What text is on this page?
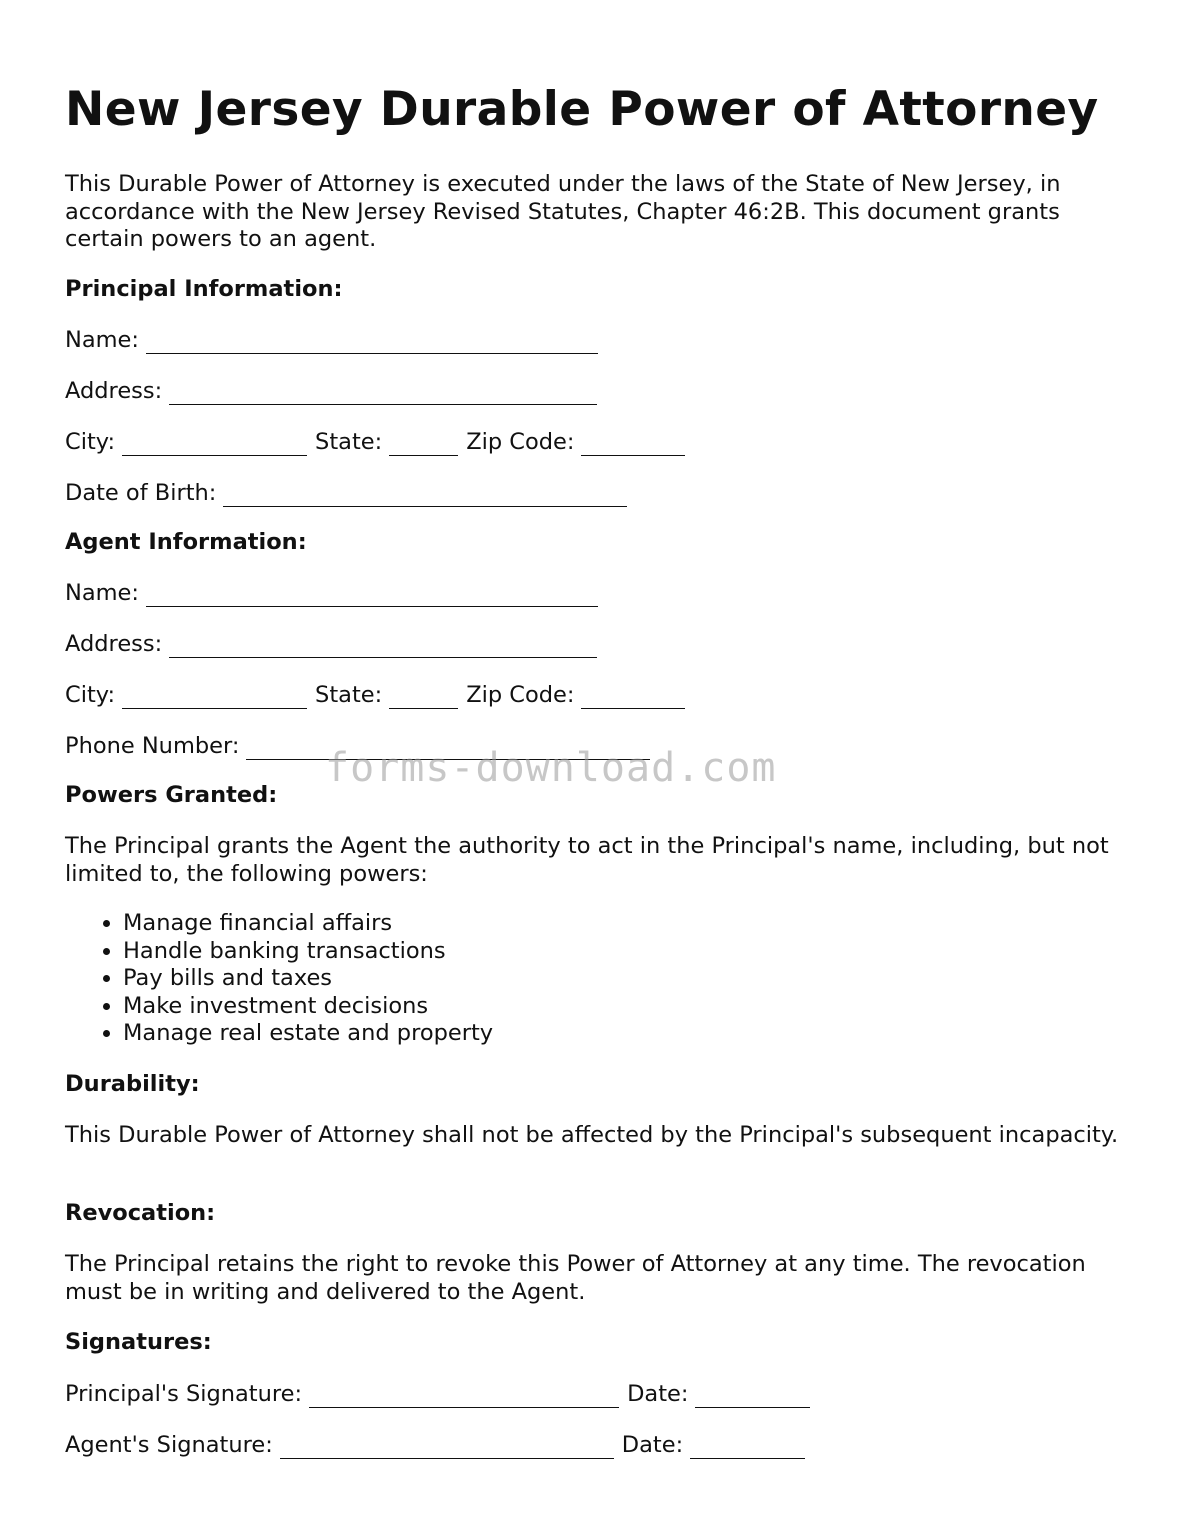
New Jersey Durable Power of Attorney

This Durable Power of Attorney is executed under the laws of the State of New Jersey, in accordance with the New Jersey Revised Statutes, Chapter 46:2B. This document grants certain powers to an agent.

Principal Information:

Name:
Address:
City:	State:	Zip Code:
Date of Birth:

Agent Information:

Name:
Address:
City:	State:	Zip Code:
Phone Number:

Powers Granted:

The Principal grants the Agent the authority to act in the Principal's name, including, but not limited to, the following powers:

• Manage financial affairs
• Handle banking transactions
• Pay bills and taxes
• Make investment decisions
• Manage real estate and property

Durability:

This Durable Power of Attorney shall not be affected by the Principal's subsequent incapacity.

Revocation:

The Principal retains the right to revoke this Power of Attorney at any time. The revocation must be in writing and delivered to the Agent.

Signatures:

Principal's Signature:	Date:
Agent's Signature:	Date:
forms-download.com
